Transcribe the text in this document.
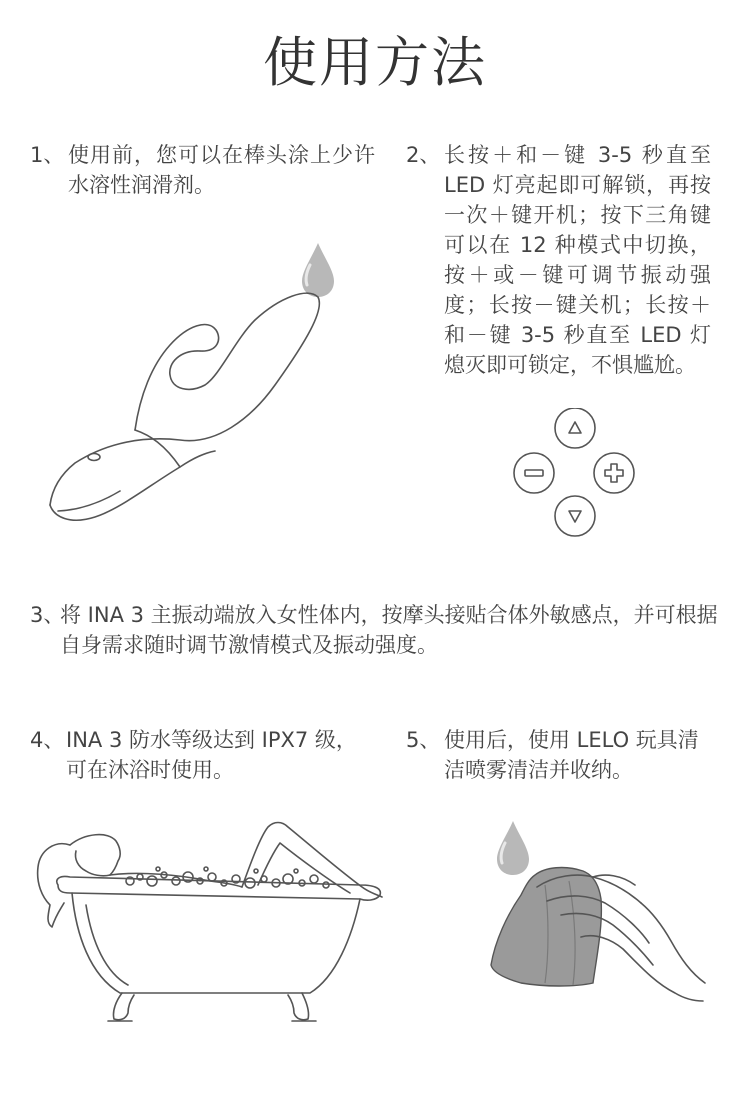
使用方法
1、 使用前，您可以在棒头涂上少许水溶性润滑剂。
2、 长按＋和－键 3-5 秒直至 LED 灯亮起即可解锁，再按一次＋键开机；按下三角键可以在 12 种模式中切换，按＋或－键可调节振动强度；长按－键关机；长按＋和－键 3-5 秒直至 LED 灯熄灭即可锁定，不惧尴尬。
3、
将 INA 3 主振动端放入女性体内，按摩头接贴合体外敏感点，并可根据自身需求随时调节激情模式及振动强度。
4、 INA 3 防水等级达到 IPX7 级，可在沐浴时使用。
5、 使用后，使用 LELO 玩具清洁喷雾清洁并收纳。
